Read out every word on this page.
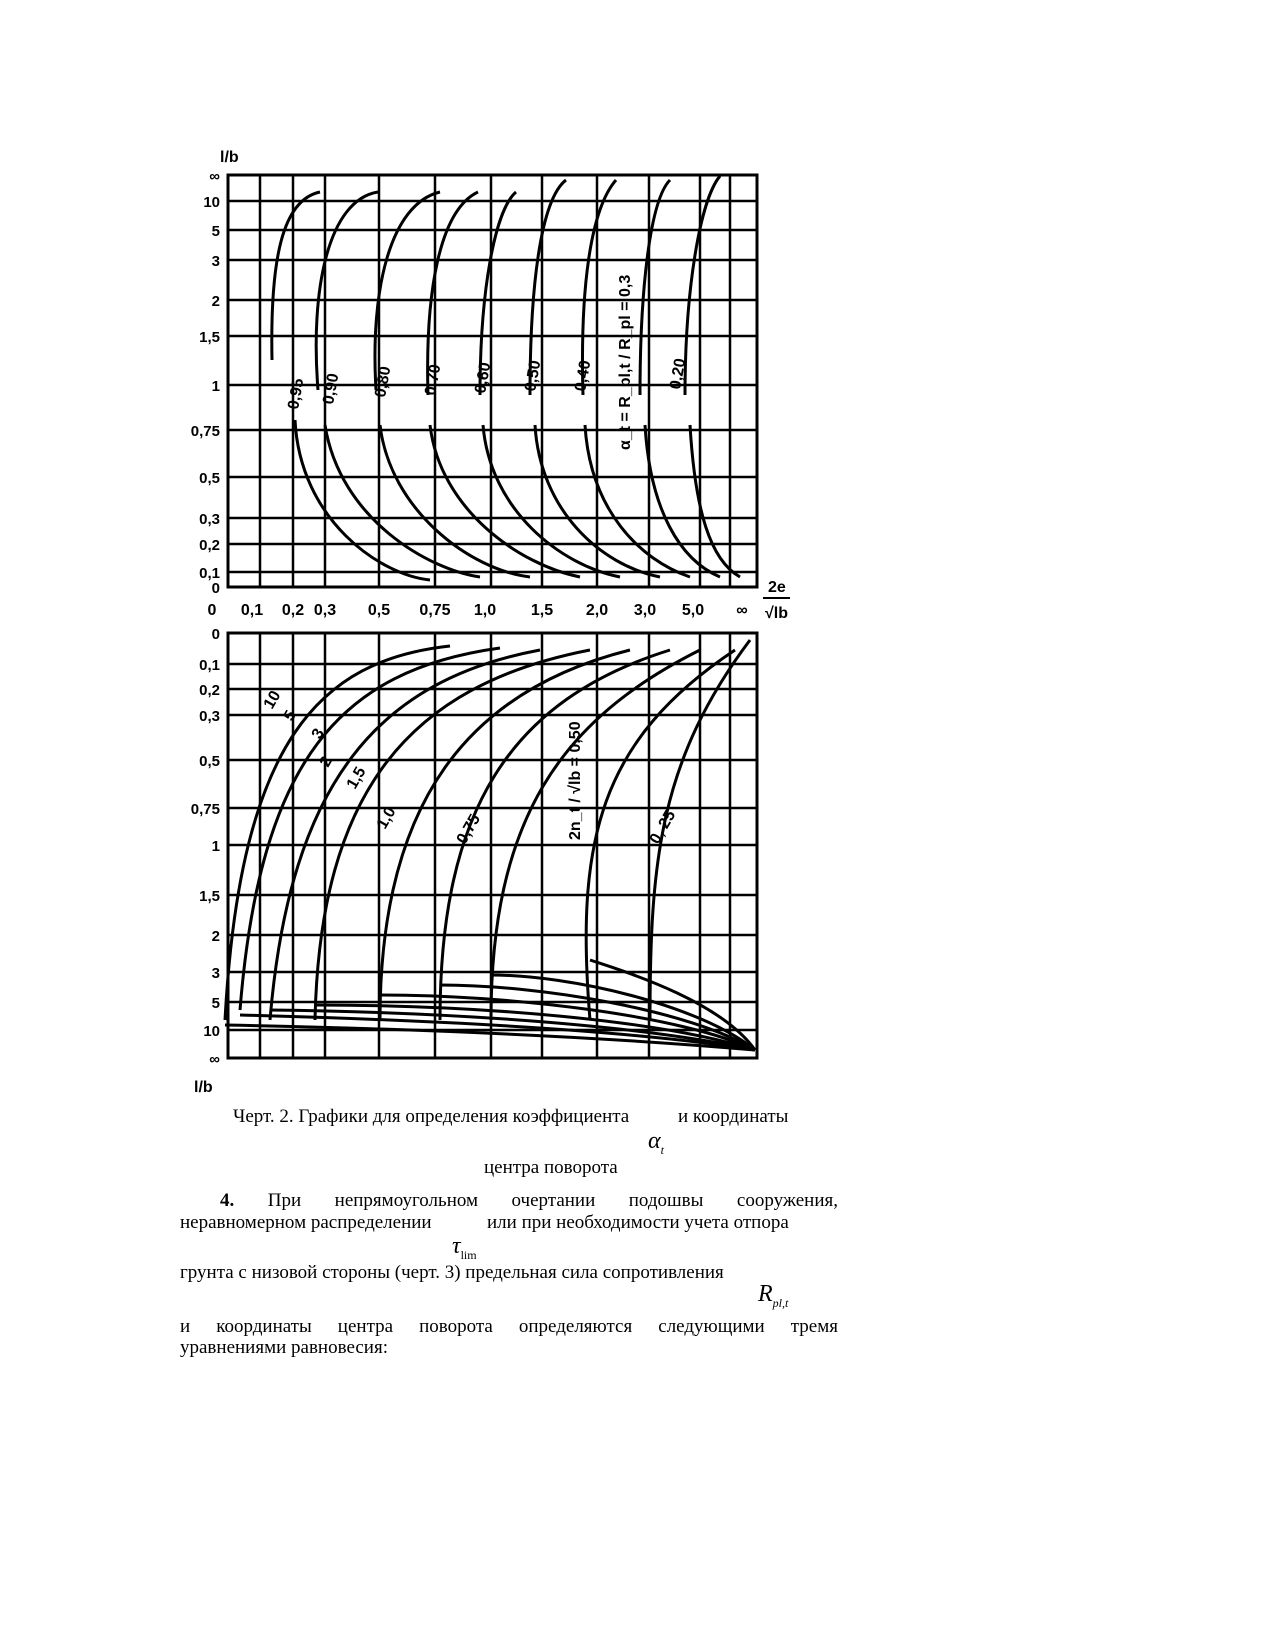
∞
10
5
3
2
1,5
1
0,75
0,5
0,3
0,2
0,1
0
l/b
0 0,1 0,2 0,3 0,5 0,75 1,0 1,5 2,0 3,0 5,0 ∞
2e
√lb
0
0,1
0,2
0,3
0,5
0,75
1
1,5
2
3
5
10
∞
l/b
0,95 0,90 0,80 0,70 0,60 0,50 0,40	0,20
α_t = R_pl,t / R_pl = 0,3
10
5
3
2
1,5
1,0	0,75	0, 25
2n_t / √lb = 0,50
Черт. 2. Графики для определения коэффициента	и координаты
$\alpha_t$
центра поворота
4. При непрямоугольном очертании подошвы сооружения,
неравномерном распределении	или при необходимости учета отпора
$\tau_{lim}$
грунта с низовой стороны (черт. 3) предельная сила сопротивления
$R_{pl,t}$
и координаты центра поворота определяются следующими тремя
уравнениями равновесия:
